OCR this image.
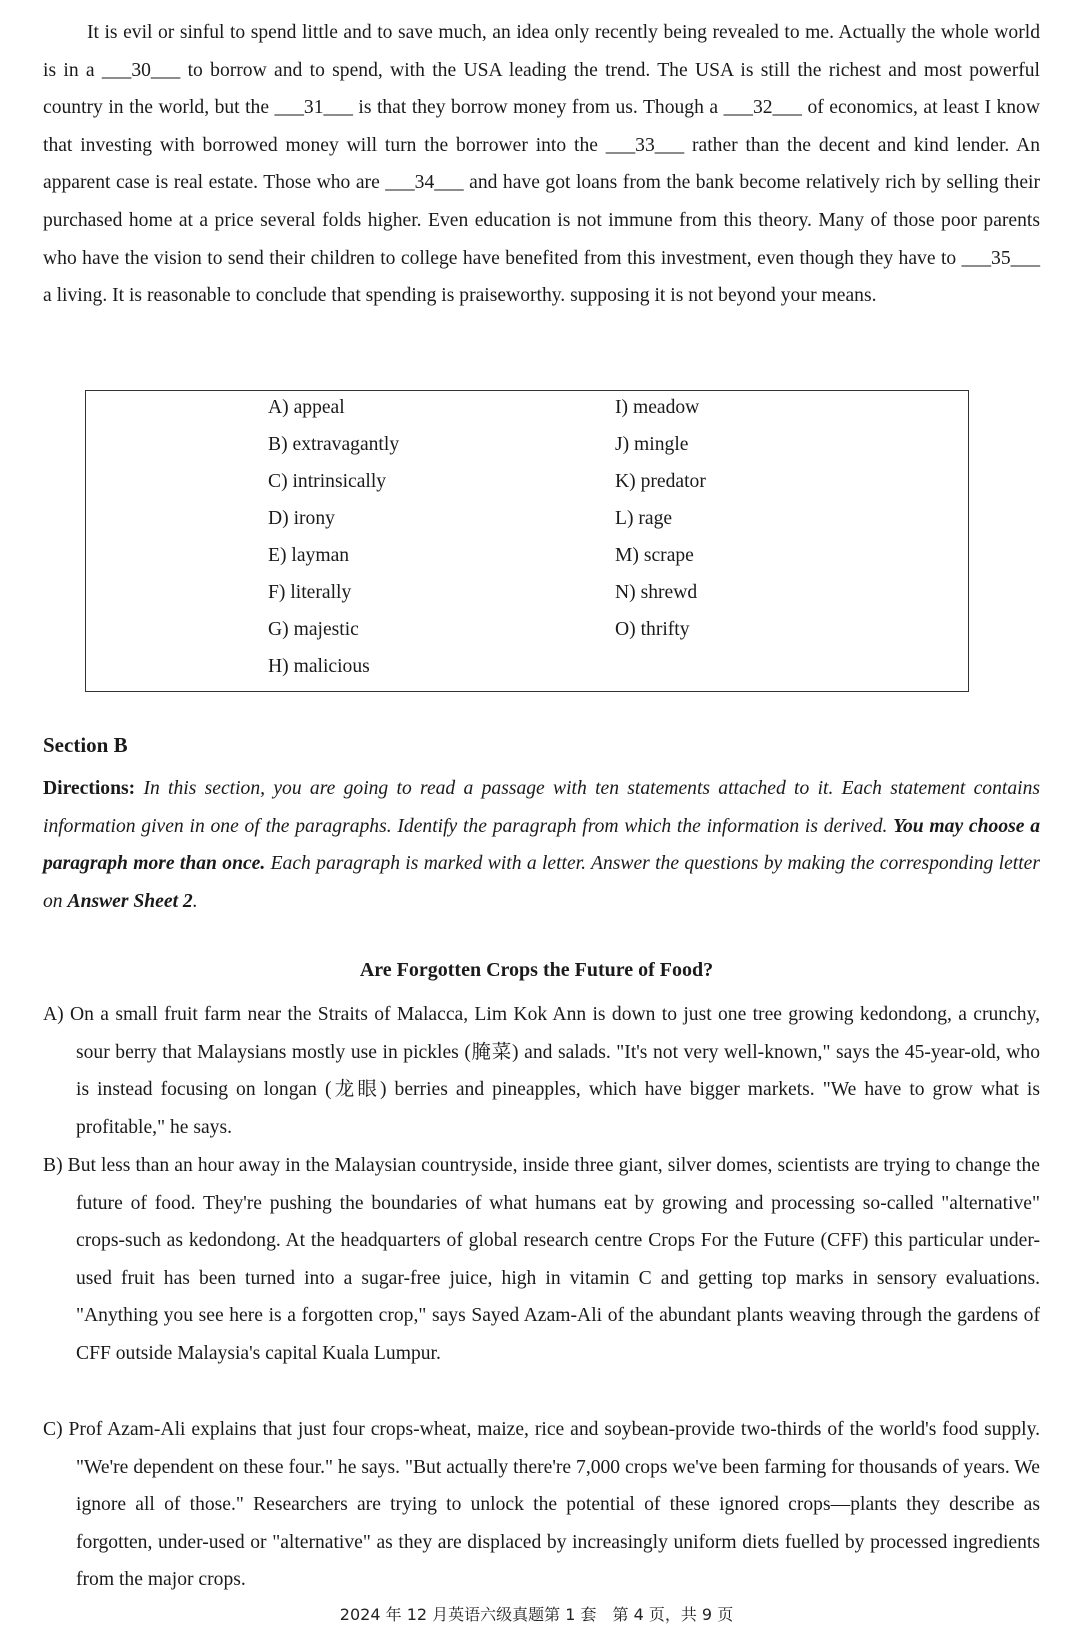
It is evil or sinful to spend little and to save much, an idea only recently being revealed to me. Actually the whole world is in a ___30___ to borrow and to spend, with the USA leading the trend. The USA is still the richest and most powerful country in the world, but the ___31___ is that they borrow money from us. Though a ___32___ of economics, at least I know that investing with borrowed money will turn the borrower into the ___33___ rather than the decent and kind lender. An apparent case is real estate. Those who are ___34___ and have got loans from the bank become relatively rich by selling their purchased home at a price several folds higher. Even education is not immune from this theory. Many of those poor parents who have the vision to send their children to college have benefited from this investment, even though they have to ___35___ a living. It is reasonable to conclude that spending is praiseworthy. supposing it is not beyond your means.

A) appeal
B) extravagantly
C) intrinsically
D) irony
E) layman
F) literally
G) majestic
H) malicious
I) meadow
J) mingle
K) predator
L) rage
M) scrape
N) shrewd
O) thrifty

Section B

Directions: In this section, you are going to read a passage with ten statements attached to it. Each statement contains information given in one of the paragraphs. Identify the paragraph from which the information is derived. You may choose a paragraph more than once. Each paragraph is marked with a letter. Answer the questions by making the corresponding letter on Answer Sheet 2.

Are Forgotten Crops the Future of Food?

A) On a small fruit farm near the Straits of Malacca, Lim Kok Ann is down to just one tree growing kedondong, a crunchy, sour berry that Malaysians mostly use in pickles (腌菜) and salads. "It's not very well-known," says the 45-year-old, who is instead focusing on longan (龙眼) berries and pineapples, which have bigger markets. "We have to grow what is profitable," he says.

B) But less than an hour away in the Malaysian countryside, inside three giant, silver domes, scientists are trying to change the future of food. They're pushing the boundaries of what humans eat by growing and processing so-called "alternative" crops-such as kedondong. At the headquarters of global research centre Crops For the Future (CFF) this particular under-used fruit has been turned into a sugar-free juice, high in vitamin C and getting top marks in sensory evaluations. "Anything you see here is a forgotten crop," says Sayed Azam-Ali of the abundant plants weaving through the gardens of CFF outside Malaysia's capital Kuala Lumpur.

C) Prof Azam-Ali explains that just four crops-wheat, maize, rice and soybean-provide two-thirds of the world's food supply. "We're dependent on these four." he says. "But actually there're 7,000 crops we've been farming for thousands of years. We ignore all of those." Researchers are trying to unlock the potential of these ignored crops—plants they describe as forgotten, under-used or "alternative" as they are displaced by increasingly uniform diets fuelled by processed ingredients from the major crops.

2024 年 12 月英语六级真题第 1 套　第 4 页，共 9 页
